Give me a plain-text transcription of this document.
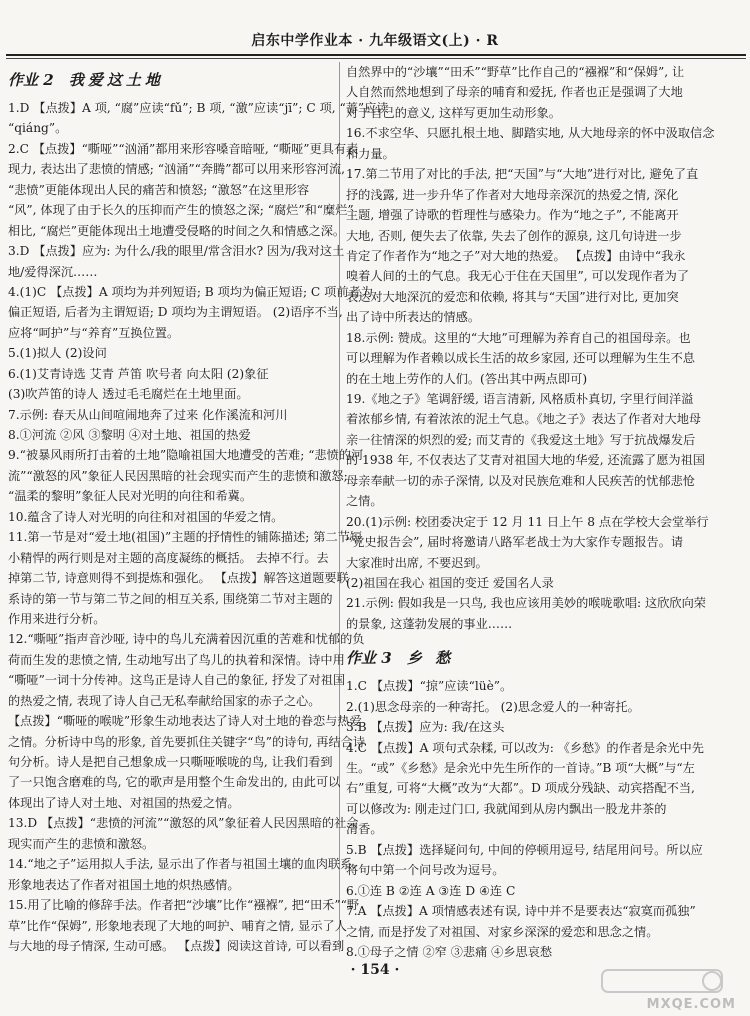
启东中学作业本 · 九年级语文(上) · R
作业 2 我爱这土地
1.D 【点拨】A 项, “腐”应读“fǔ”; B 项, “激”应读“jī”; C 项, “蔷”应读
“qiáng”。
2.C 【点拨】“嘶哑”“汹涌”都用来形容嗓音暗哑, “嘶哑”更具有表
现力, 表达出了悲愤的情感; “汹涌”“奔腾”都可以用来形容河流,
“悲愤”更能体现出人民的痛苦和愤怒; “激怒”在这里形容
“风”, 体现了由于长久的压抑而产生的愤怒之深; “腐烂”和“糜烂”
相比, “腐烂”更能体现出土地遭受侵略的时间之久和情感之深。
3.D 【点拨】应为: 为什么/我的眼里/常含泪水? 因为/我对这土
地/爱得深沉……
4.(1)C 【点拨】A 项均为并列短语; B 项均为偏正短语; C 项前者为
偏正短语, 后者为主谓短语; D 项均为主谓短语。 (2)语序不当,
应将“呵护”与“养育”互换位置。
5.(1)拟人 (2)设问
6.(1)艾青诗选 艾青 芦笛 吹号者 向太阳 (2)象征
(3)吹芦笛的诗人 透过毛毛腐烂在土地里面。
7.示例: 春天从山间喧闹地奔了过来 化作溪流和河川
8.①河流 ②风 ③黎明 ④对土地、祖国的热爱
9.“被暴风雨所打击着的土地”隐喻祖国大地遭受的苦难; “悲愤的河
流”“激怒的风”象征人民因黑暗的社会现实而产生的悲愤和激怒;
“温柔的黎明”象征人民对光明的向往和希冀。
10.蕴含了诗人对光明的向往和对祖国的华爱之情。
11.第一节是对“爱土地(祖国)”主题的抒情性的铺陈描述; 第二节短
小精悍的两行则是对主题的高度凝练的概括。 去掉不行。去
掉第二节, 诗意则得不到提炼和强化。 【点拨】解答这道题要联
系诗的第一节与第二节之间的相互关系, 围绕第二节对主题的
作用来进行分析。
12.“嘶哑”指声音沙哑, 诗中的鸟儿充满着因沉重的苦难和忧郁的负
荷而生发的悲愤之情, 生动地写出了鸟儿的执着和深情。诗中用
“嘶哑”一词十分传神。这鸟正是诗人自己的象征, 抒发了对祖国
的热爱之情, 表现了诗人自己无私奉献给国家的赤子之心。
【点拨】“嘶哑的喉咙”形象生动地表达了诗人对土地的眷恋与热爱
之情。分析诗中鸟的形象, 首先要抓住关键字“鸟”的诗句, 再结合诗
句分析。诗人是把自己想象成一只嘶哑喉咙的鸟, 让我们看到
了一只饱含磨难的鸟, 它的歌声是用整个生命发出的, 由此可以
体现出了诗人对土地、对祖国的热爱之情。
13.D 【点拨】“悲愤的河流”“激怒的风”象征着人民因黑暗的社会
现实而产生的悲愤和激怒。
14.“地之子”运用拟人手法, 显示出了作者与祖国土壤的血肉联系,
形象地表达了作者对祖国土地的炽热感情。
15.用了比喻的修辞手法。作者把“沙壤”比作“襁褓”, 把“田禾”“野
草”比作“保姆”, 形象地表现了大地的呵护、哺育之情, 显示了人
与大地的母子情深, 生动可感。 【点拨】阅读这首诗, 可以看到
自然界中的“沙壤”“田禾”“野草”比作自己的“襁褓”和“保姆”, 让
人自然而然地想到了母亲的哺育和爱抚, 作者也正是强调了大地
对于自己的意义, 这样写更加生动形象。
16.不求空华、只愿扎根土地、脚踏实地, 从大地母亲的怀中汲取信念
和力量。
17.第二节用了对比的手法, 把“天国”与“大地”进行对比, 避免了直
抒的浅露, 进一步升华了作者对大地母亲深沉的热爱之情, 深化
主题, 增强了诗歌的哲理性与感染力。作为“地之子”, 不能离开
大地, 否则, 便失去了依靠, 失去了创作的源泉, 这几句诗进一步
肯定了作者作为“地之子”对大地的热爱。 【点拨】由诗中“我永
嗅着人间的土的气息。我无心于住在天国里”, 可以发现作者为了
表达对大地深沉的爱恋和依赖, 将其与“天国”进行对比, 更加突
出了诗中所表达的情感。
18.示例: 赞成。这里的“大地”可理解为养育自己的祖国母亲。也
可以理解为作者赖以成长生活的故乡家园, 还可以理解为生生不息
的在土地上劳作的人们。(答出其中两点即可)
19.《地之子》笔调舒缓, 语言清新, 风格质朴真切, 字里行间洋溢
着浓郁乡情, 有着浓浓的泥土气息。《地之子》表达了作者对大地母
亲一往情深的炽烈的爱; 而艾青的《我爱这土地》写于抗战爆发后
的 1938 年, 不仅表达了艾青对祖国大地的华爱, 还流露了愿为祖国
母亲奉献一切的赤子深情, 以及对民族危难和人民疾苦的忧郁悲怆
之情。
20.(1)示例: 校团委决定于 12 月 11 日上午 8 点在学校大会堂举行
“党史报告会”, 届时将邀请八路军老战士为大家作专题报告。请
大家准时出席, 不要迟到。
(2)祖国在我心 祖国的变迁 爱国名人录
21.示例: 假如我是一只鸟, 我也应该用美妙的喉咙歌唱: 这欣欣向荣
的景象, 这蓬勃发展的事业……
作业 3 乡 愁
1.C 【点拨】“掠”应读“lüè”。
2.(1)思念母亲的一种寄托。 (2)思念爱人的一种寄托。
3.B 【点拨】应为: 我/在这头
4.C 【点拨】A 项句式杂糅, 可以改为: 《乡愁》的作者是余光中先
生。“或”《乡愁》是余光中先生所作的一首诗。”B 项“大概”与“左
右”重复, 可将“大概”改为“大都”。D 项成分残缺、动宾搭配不当,
可以修改为: 刚走过门口, 我就闻到从房内飘出一股龙井茶的
清香。
5.B 【点拨】选择疑问句, 中间的停顿用逗号, 结尾用问号。所以应
将句中第一个问号改为逗号。
6.①连 B ②连 A ③连 D ④连 C
7.A 【点拨】A 项情感表述有误, 诗中并不是要表达“寂寞而孤独”
之情, 而是抒发了对祖国、对家乡深深的爱恋和思念之情。
8.①母子之情 ②窄 ③悲痛 ④乡思哀愁
· 154 ·
MXQE.COM
